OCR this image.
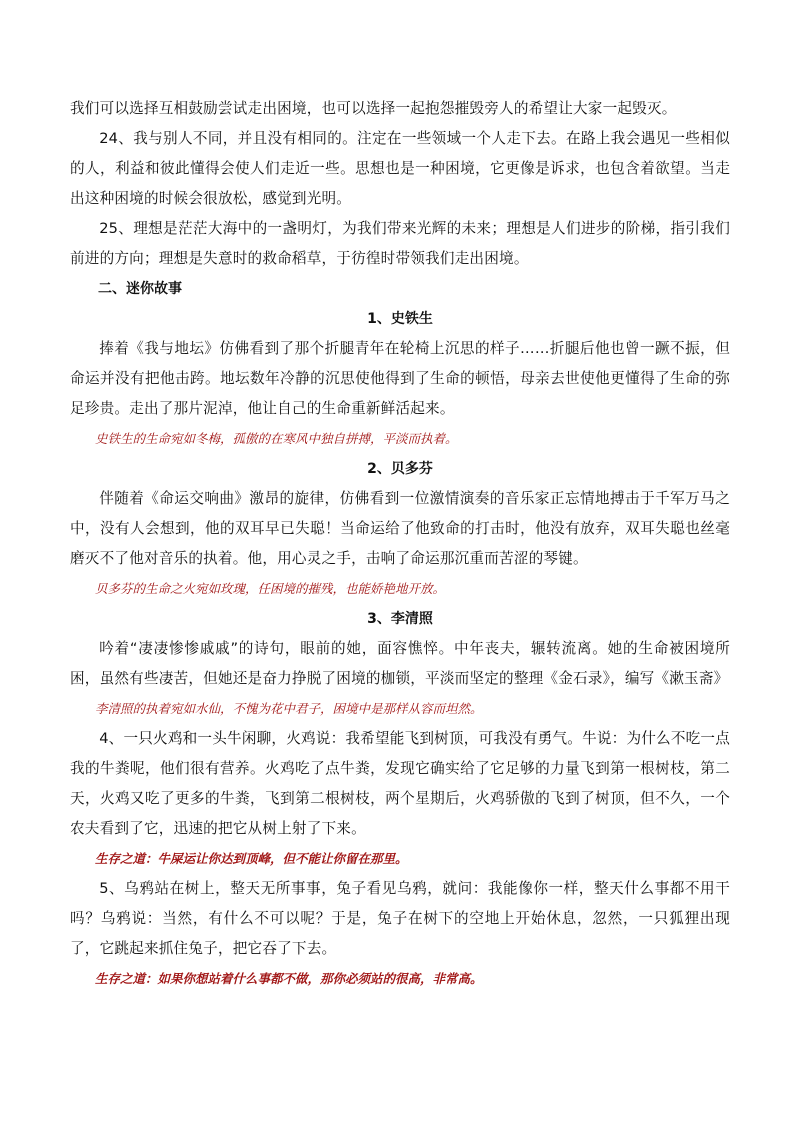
我们可以选择互相鼓励尝试走出困境，也可以选择一起抱怨摧毁旁人的希望让大家一起毁灭。

24、我与别人不同，并且没有相同的。注定在一些领域一个人走下去。在路上我会遇见一些相似的人，利益和彼此懂得会使人们走近一些。思想也是一种困境，它更像是诉求，也包含着欲望。当走出这种困境的时候会很放松，感觉到光明。

25、理想是茫茫大海中的一盏明灯，为我们带来光辉的未来；理想是人们进步的阶梯，指引我们前进的方向；理想是失意时的救命稻草，于彷徨时带领我们走出困境。

二、迷你故事

1、史铁生

捧着《我与地坛》仿佛看到了那个折腿青年在轮椅上沉思的样子……折腿后他也曾一蹶不振，但命运并没有把他击跨。地坛数年冷静的沉思使他得到了生命的顿悟，母亲去世使他更懂得了生命的弥足珍贵。走出了那片泥淖，他让自己的生命重新鲜活起来。

史铁生的生命宛如冬梅，孤傲的在寒风中独自拼搏，平淡而执着。

2、贝多芬

伴随着《命运交响曲》激昂的旋律，仿佛看到一位激情演奏的音乐家正忘情地搏击于千军万马之中，没有人会想到，他的双耳早已失聪！当命运给了他致命的打击时，他没有放弃，双耳失聪也丝毫磨灭不了他对音乐的执着。他，用心灵之手，击响了命运那沉重而苦涩的琴键。

贝多芬的生命之火宛如玫瑰，任困境的摧残，也能娇艳地开放。

3、李清照

吟着“凄凄惨惨戚戚”的诗句，眼前的她，面容憔悴。中年丧夫，辗转流离。她的生命被困境所困，虽然有些凄苦，但她还是奋力挣脱了困境的枷锁，平淡而坚定的整理《金石录》，编写《漱玉斋》

李清照的执着宛如水仙，不愧为花中君子，困境中是那样从容而坦然。

4、一只火鸡和一头牛闲聊，火鸡说：我希望能飞到树顶，可我没有勇气。牛说：为什么不吃一点我的牛粪呢，他们很有营养。火鸡吃了点牛粪，发现它确实给了它足够的力量飞到第一根树枝，第二天，火鸡又吃了更多的牛粪，飞到第二根树枝，两个星期后，火鸡骄傲的飞到了树顶，但不久，一个农夫看到了它，迅速的把它从树上射了下来。

生存之道：牛屎运让你达到顶峰，但不能让你留在那里。

5、乌鸦站在树上，整天无所事事，兔子看见乌鸦，就问：我能像你一样，整天什么事都不用干吗？乌鸦说：当然，有什么不可以呢？于是，兔子在树下的空地上开始休息，忽然，一只狐狸出现了，它跳起来抓住兔子，把它吞了下去。

生存之道：如果你想站着什么事都不做，那你必须站的很高，非常高。
